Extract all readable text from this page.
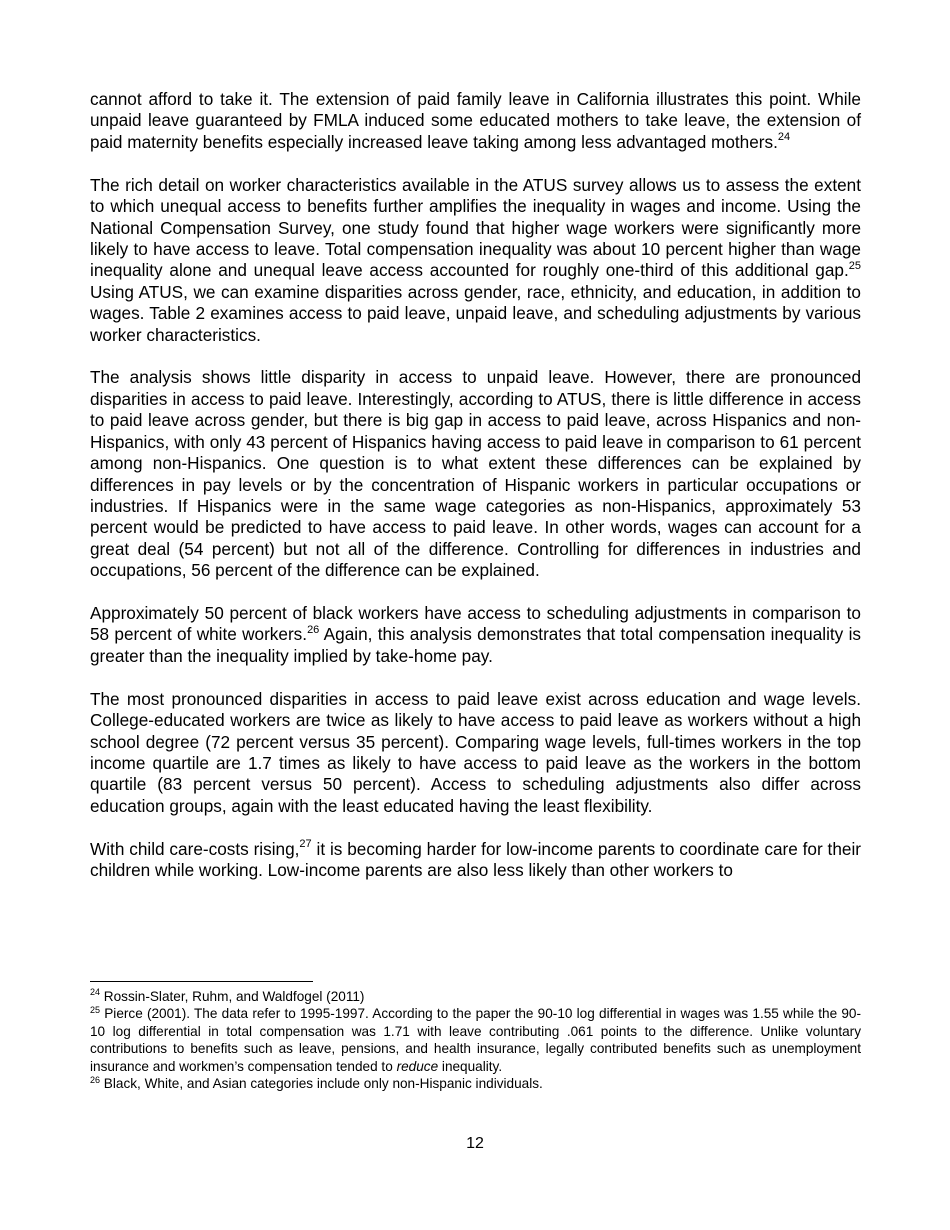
cannot afford to take it. The extension of paid family leave in California illustrates this point. While unpaid leave guaranteed by FMLA induced some educated mothers to take leave, the extension of paid maternity benefits especially increased leave taking among less advantaged mothers.$^{24}$

The rich detail on worker characteristics available in the ATUS survey allows us to assess the extent to which unequal access to benefits further amplifies the inequality in wages and income. Using the National Compensation Survey, one study found that higher wage workers were significantly more likely to have access to leave. Total compensation inequality was about 10 percent higher than wage inequality alone and unequal leave access accounted for roughly one-third of this additional gap.$^{25}$ Using ATUS, we can examine disparities across gender, race, ethnicity, and education, in addition to wages. Table 2 examines access to paid leave, unpaid leave, and scheduling adjustments by various worker characteristics.

The analysis shows little disparity in access to unpaid leave. However, there are pronounced disparities in access to paid leave. Interestingly, according to ATUS, there is little difference in access to paid leave across gender, but there is big gap in access to paid leave, across Hispanics and non-Hispanics, with only 43 percent of Hispanics having access to paid leave in comparison to 61 percent among non-Hispanics. One question is to what extent these differences can be explained by differences in pay levels or by the concentration of Hispanic workers in particular occupations or industries. If Hispanics were in the same wage categories as non-Hispanics, approximately 53 percent would be predicted to have access to paid leave. In other words, wages can account for a great deal (54 percent) but not all of the difference. Controlling for differences in industries and occupations, 56 percent of the difference can be explained.

Approximately 50 percent of black workers have access to scheduling adjustments in comparison to 58 percent of white workers.$^{26}$ Again, this analysis demonstrates that total compensation inequality is greater than the inequality implied by take-home pay.

The most pronounced disparities in access to paid leave exist across education and wage levels. College-educated workers are twice as likely to have access to paid leave as workers without a high school degree (72 percent versus 35 percent). Comparing wage levels, full-times workers in the top income quartile are 1.7 times as likely to have access to paid leave as the workers in the bottom quartile (83 percent versus 50 percent). Access to scheduling adjustments also differ across education groups, again with the least educated having the least flexibility.

With child care-costs rising,$^{27}$ it is becoming harder for low-income parents to coordinate care for their children while working. Low-income parents are also less likely than other workers to

$^{24}$ Rossin-Slater, Ruhm, and Waldfogel (2011)

$^{25}$ Pierce (2001). The data refer to 1995-1997. According to the paper the 90-10 log differential in wages was 1.55 while the 90-10 log differential in total compensation was 1.71 with leave contributing .061 points to the difference. Unlike voluntary contributions to benefits such as leave, pensions, and health insurance, legally contributed benefits such as unemployment insurance and workmen’s compensation tended to reduce inequality.

$^{26}$ Black, White, and Asian categories include only non-Hispanic individuals.

12
